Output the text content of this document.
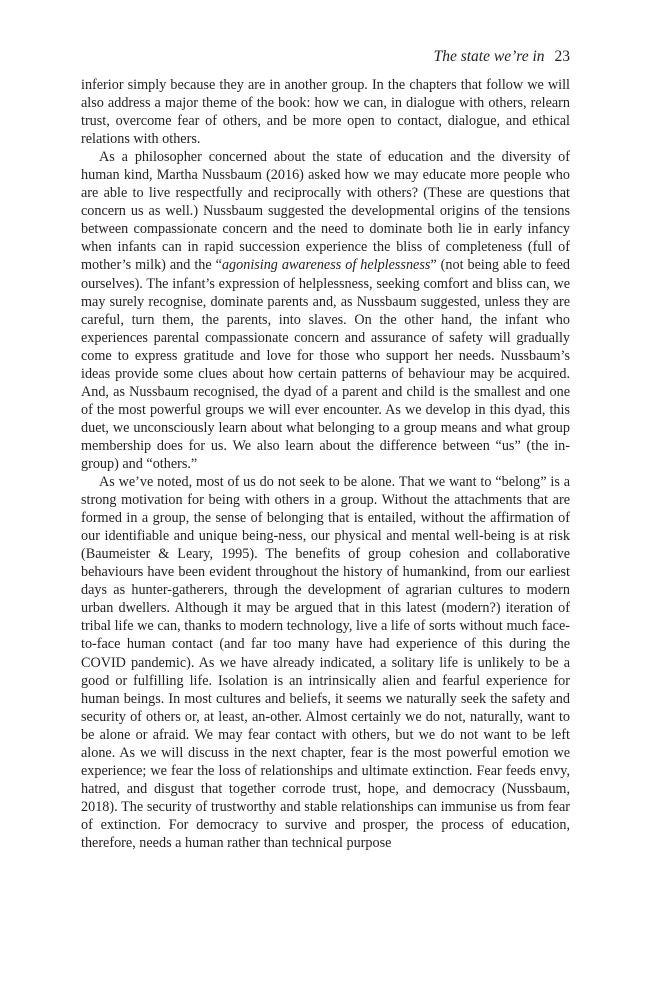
The state we’re in 23

inferior simply because they are in another group. In the chapters that follow we will also address a major theme of the book: how we can, in dialogue with others, relearn trust, overcome fear of others, and be more open to contact, dialogue, and ethical relations with others.

As a philosopher concerned about the state of education and the diversity of human kind, Martha Nussbaum (2016) asked how we may educate more people who are able to live respectfully and reciprocally with others? (These are questions that concern us as well.) Nussbaum suggested the developmental origins of the tensions between compassionate concern and the need to dominate both lie in early infancy when infants can in rapid succession experience the bliss of completeness (full of mother’s milk) and the “agonising awareness of helplessness” (not being able to feed ourselves). The infant’s expression of helplessness, seeking comfort and bliss can, we may surely recognise, dominate parents and, as Nussbaum suggested, unless they are careful, turn them, the parents, into slaves. On the other hand, the infant who experiences parental compassionate concern and assurance of safety will gradually come to express gratitude and love for those who support her needs. Nussbaum’s ideas provide some clues about how certain patterns of behaviour may be acquired. And, as Nussbaum recognised, the dyad of a parent and child is the smallest and one of the most powerful groups we will ever encounter. As we develop in this dyad, this duet, we unconsciously learn about what belonging to a group means and what group membership does for us. We also learn about the difference between “us” (the in-group) and “others.”

As we’ve noted, most of us do not seek to be alone. That we want to “belong” is a strong motivation for being with others in a group. Without the attachments that are formed in a group, the sense of belonging that is entailed, without the affirmation of our identifiable and unique being-ness, our physical and mental well-being is at risk (Baumeister & Leary, 1995). The benefits of group cohesion and collaborative behaviours have been evident throughout the history of humankind, from our earliest days as hunter-gatherers, through the development of agrarian cultures to modern urban dwellers. Although it may be argued that in this latest (modern?) iteration of tribal life we can, thanks to modern technology, live a life of sorts without much face-to-face human contact (and far too many have had experience of this during the COVID pandemic). As we have already indicated, a solitary life is unlikely to be a good or fulfilling life. Isolation is an intrinsically alien and fearful experience for human beings. In most cultures and beliefs, it seems we naturally seek the safety and security of others or, at least, an-other. Almost certainly we do not, naturally, want to be alone or afraid. We may fear contact with others, but we do not want to be left alone. As we will discuss in the next chapter, fear is the most powerful emotion we experience; we fear the loss of relationships and ultimate extinction. Fear feeds envy, hatred, and disgust that together corrode trust, hope, and democracy (Nussbaum, 2018). The security of trustworthy and stable relationships can immunise us from fear of extinction. For democracy to survive and prosper, the process of education, therefore, needs a human rather than technical purpose
